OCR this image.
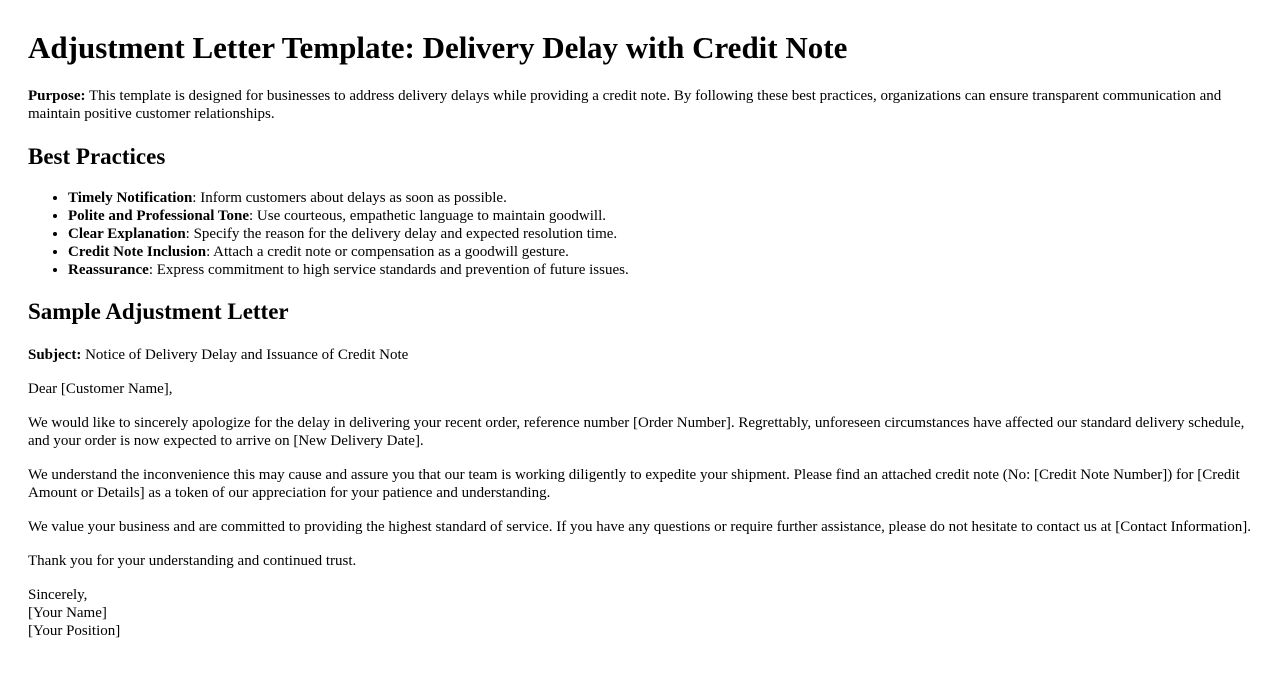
Adjustment Letter Template: Delivery Delay with Credit Note

Purpose: This template is designed for businesses to address delivery delays while providing a credit note. By following these best practices, organizations can ensure transparent communication and maintain positive customer relationships.

Best Practices
• Timely Notification: Inform customers about delays as soon as possible.
• Polite and Professional Tone: Use courteous, empathetic language to maintain goodwill.
• Clear Explanation: Specify the reason for the delivery delay and expected resolution time.
• Credit Note Inclusion: Attach a credit note or compensation as a goodwill gesture.
• Reassurance: Express commitment to high service standards and prevention of future issues.
Sample Adjustment Letter

Subject: Notice of Delivery Delay and Issuance of Credit Note

Dear [Customer Name],

We would like to sincerely apologize for the delay in delivering your recent order, reference number [Order Number]. Regrettably, unforeseen circumstances have affected our standard delivery schedule, and your order is now expected to arrive on [New Delivery Date].

We understand the inconvenience this may cause and assure you that our team is working diligently to expedite your shipment. Please find an attached credit note (No: [Credit Note Number]) for [Credit Amount or Details] as a token of our appreciation for your patience and understanding.

We value your business and are committed to providing the highest standard of service. If you have any questions or require further assistance, please do not hesitate to contact us at [Contact Information].

Thank you for your understanding and continued trust.

Sincerely,
[Your Name]
[Your Position]
